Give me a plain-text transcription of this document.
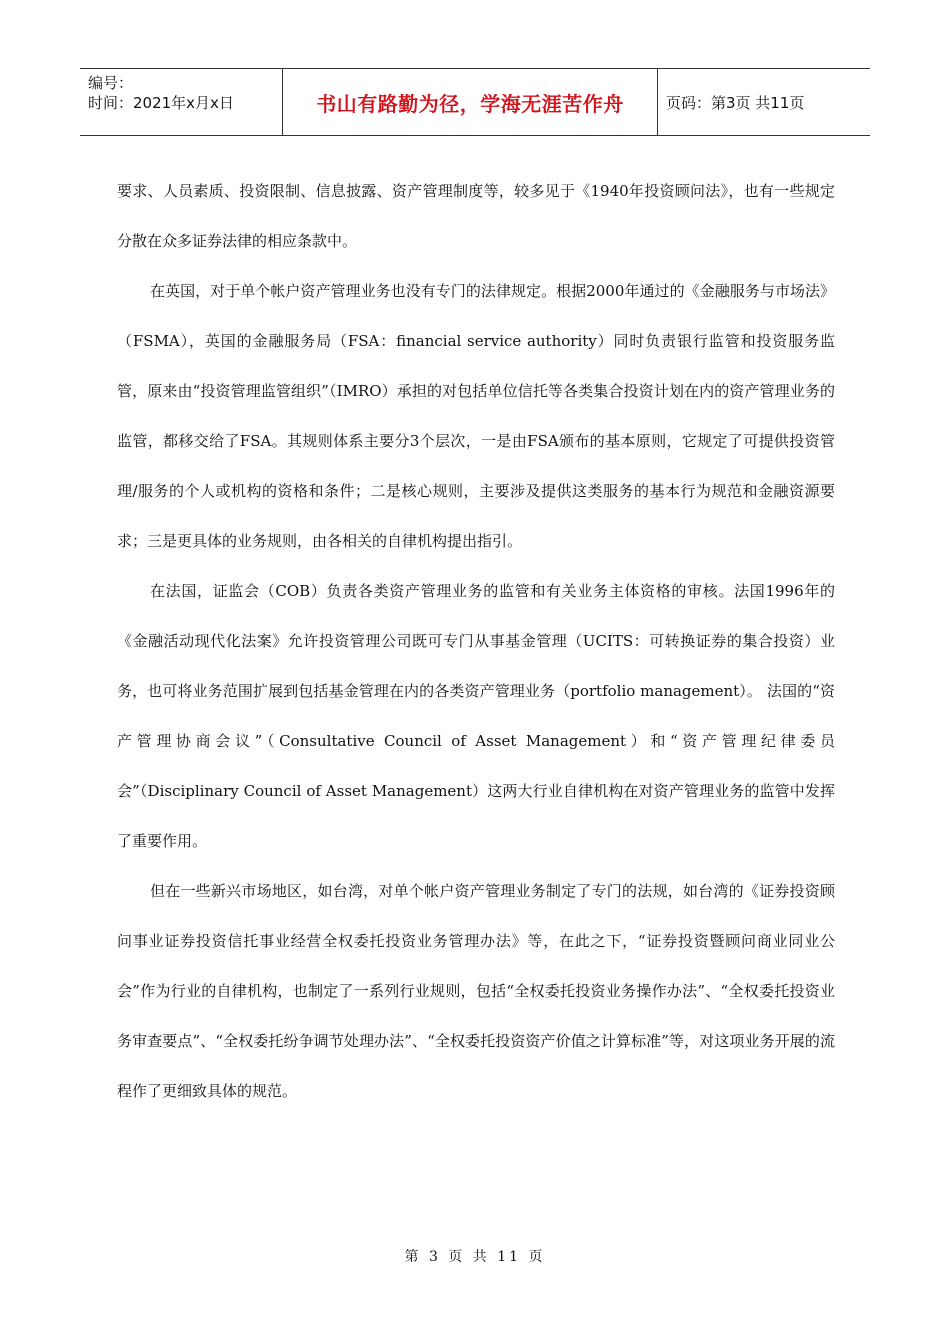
编号：
时间：2021年x月x日	书山有路勤为径，学海无涯苦作舟	页码：第3页 共11页

要求、人员素质、投资限制、信息披露、资产管理制度等，较多见于《1940年投资顾问法》，也有一些规定分散在众多证券法律的相应条款中。

在英国，对于单个帐户资产管理业务也没有专门的法律规定。根据2000年通过的《金融服务与市场法》（FSMA），英国的金融服务局（FSA：financial service authority）同时负责银行监管和投资服务监管，原来由“投资管理监管组织”（IMRO）承担的对包括单位信托等各类集合投资计划在内的资产管理业务的监管，都移交给了FSA。其规则体系主要分3个层次，一是由FSA颁布的基本原则，它规定了可提供投资管理/服务的个人或机构的资格和条件；二是核心规则，主要涉及提供这类服务的基本行为规范和金融资源要求；三是更具体的业务规则，由各相关的自律机构提出指引。

在法国，证监会（COB）负责各类资产管理业务的监管和有关业务主体资格的审核。法国1996年的《金融活动现代化法案》允许投资管理公司既可专门从事基金管理（UCITS：可转换证券的集合投资）业务，也可将业务范围扩展到包括基金管理在内的各类资产管理业务（portfolio management）。 法国的“资产管理协商会议”（Consultative Council of Asset Management）和“资产管理纪律委员会”（Disciplinary Council of Asset Management）这两大行业自律机构在对资产管理业务的监管中发挥了重要作用。

但在一些新兴市场地区，如台湾，对单个帐户资产管理业务制定了专门的法规，如台湾的《证券投资顾问事业证券投资信托事业经营全权委托投资业务管理办法》等，在此之下，“证券投资暨顾问商业同业公会”作为行业的自律机构，也制定了一系列行业规则，包括“全权委托投资业务操作办法”、“全权委托投资业务审查要点”、“全权委托纷争调节处理办法”、“全权委托投资资产价值之计算标准”等，对这项业务开展的流程作了更细致具体的规范。

第 3 页 共 11 页
